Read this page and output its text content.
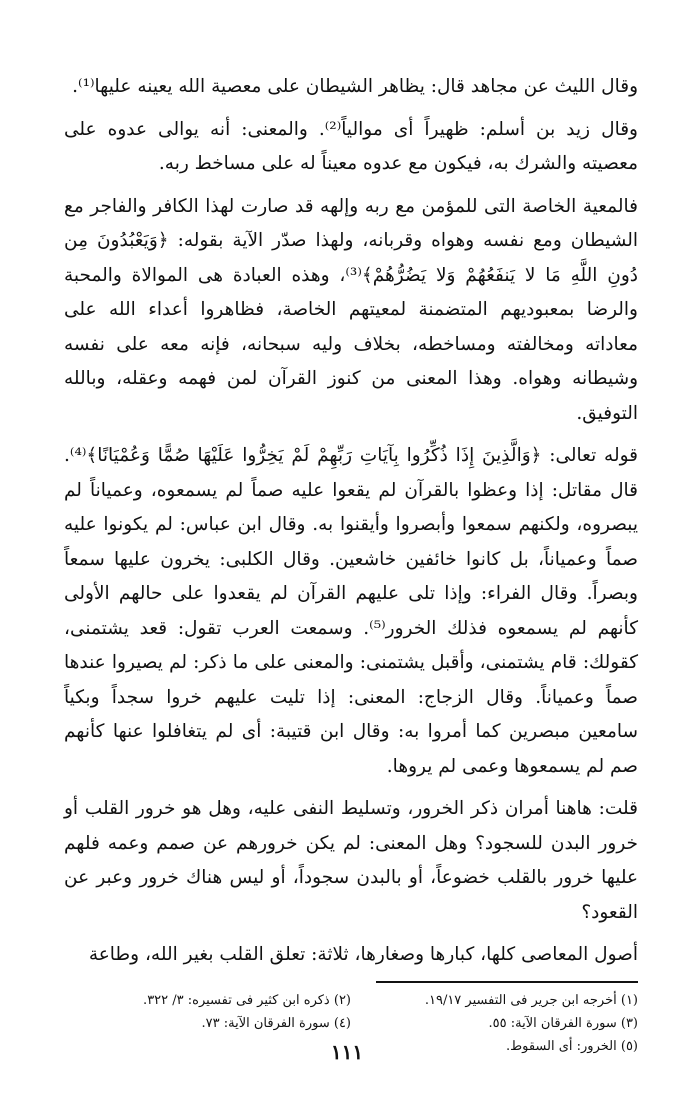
وقال الليث عن مجاهد قال: يظاهر الشيطان على معصية الله يعينه عليها⁽¹⁾.

وقال زيد بن أسلم: ظهيراً أى موالياً⁽²⁾. والمعنى: أنه يوالى عدوه على معصيته والشرك به، فيكون مع عدوه معيناً له على مساخط ربه.

فالمعية الخاصة التى للمؤمن مع ربه وإلهه قد صارت لهذا الكافر والفاجر مع الشيطان ومع نفسه وهواه وقربانه، ولهذا صدّر الآية بقوله: ﴿وَيَعْبُدُونَ مِن دُونِ اللَّهِ مَا لا يَنفَعُهُمْ وَلا يَضُرُّهُمْ﴾⁽³⁾، وهذه العبادة هى الموالاة والمحبة والرضا بمعبوديهم المتضمنة لمعيتهم الخاصة، فظاهروا أعداء الله على معاداته ومخالفته ومساخطه، بخلاف وليه سبحانه، فإنه معه على نفسه وشيطانه وهواه. وهذا المعنى من كنوز القرآن لمن فهمه وعقله، وبالله التوفيق.

قوله تعالى: ﴿وَالَّذِينَ إِذَا ذُكِّرُوا بِآيَاتِ رَبِّهِمْ لَمْ يَخِرُّوا عَلَيْهَا صُمًّا وَعُمْيَانًا﴾⁽⁴⁾. قال مقاتل: إذا وعظوا بالقرآن لم يقعوا عليه صماً لم يسمعوه، وعمياناً لم يبصروه، ولكنهم سمعوا وأبصروا وأيقنوا به. وقال ابن عباس: لم يكونوا عليه صماً وعمياناً، بل كانوا خائفين خاشعين. وقال الكلبى: يخرون عليها سمعاً وبصراً. وقال الفراء: وإذا تلى عليهم القرآن لم يقعدوا على حالهم الأولى كأنهم لم يسمعوه فذلك الخرور⁽⁵⁾. وسمعت العرب تقول: قعد يشتمنى، كقولك: قام يشتمنى، وأقبل يشتمنى: والمعنى على ما ذكر: لم يصيروا عندها صماً وعمياناً. وقال الزجاج: المعنى: إذا تليت عليهم خروا سجداً وبكياً سامعين مبصرين كما أمروا به: وقال ابن قتيبة: أى لم يتغافلوا عنها كأنهم صم لم يسمعوها وعمى لم يروها.

قلت: هاهنا أمران ذكر الخرور، وتسليط النفى عليه، وهل هو خرور القلب أو خرور البدن للسجود؟ وهل المعنى: لم يكن خرورهم عن صمم وعمه فلهم عليها خرور بالقلب خضوعاً، أو بالبدن سجوداً، أو ليس هناك خرور وعبر عن القعود؟

أصول المعاصى كلها، كبارها وصغارها، ثلاثة: تعلق القلب بغير الله، وطاعة

(١) أخرجه ابن جرير فى التفسير ١٩/١٧.
(٢) ذكره ابن كثير فى تفسيره: ٣/ ٣٢٢.
(٣) سورة الفرقان الآية: ٥٥.
(٤) سورة الفرقان الآية: ٧٣.
(٥) الخرور: أى السقوط.
١١١
